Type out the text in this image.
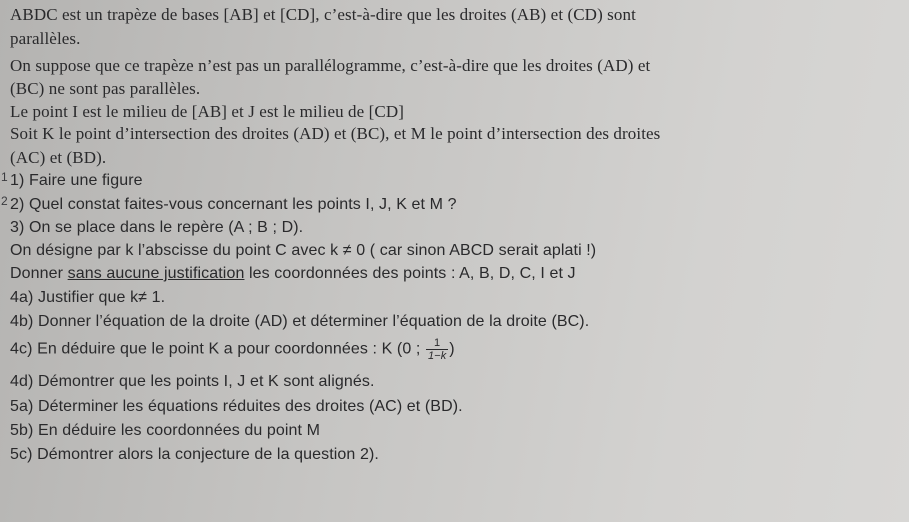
ABDC est un trapèze de bases [AB] et [CD], c’est-à-dire que les droites (AB) et (CD) sont
parallèles.
On suppose que ce trapèze n’est pas un parallélogramme, c’est-à-dire que les droites (AD) et
(BC) ne sont pas parallèles.
Le point I est le milieu de [AB] et J est le milieu de [CD]
Soit K le point d’intersection des droites (AD) et (BC), et M le point d’intersection des droites
(AC) et (BD).
1 1) Faire une figure
2 2) Quel constat faites-vous concernant les points I, J, K et M ?
3) On se place dans le repère (A ; B ; D).
On désigne par k l’abscisse du point C avec k ≠ 0 ( car sinon ABCD serait aplati !)
Donner sans aucune justification les coordonnées des points : A, B, D, C, I et J
4a) Justifier que k≠ 1.
4b) Donner l’équation de la droite (AD) et déterminer l’équation de la droite (BC).
4c) En déduire que le point K a pour coordonnées : K (0 ; $\frac{1}{1-k}$ )
4d) Démontrer que les points I, J et K sont alignés.
5a) Déterminer les équations réduites des droites (AC) et (BD).
5b) En déduire les coordonnées du point M
5c) Démontrer alors la conjecture de la question 2).
